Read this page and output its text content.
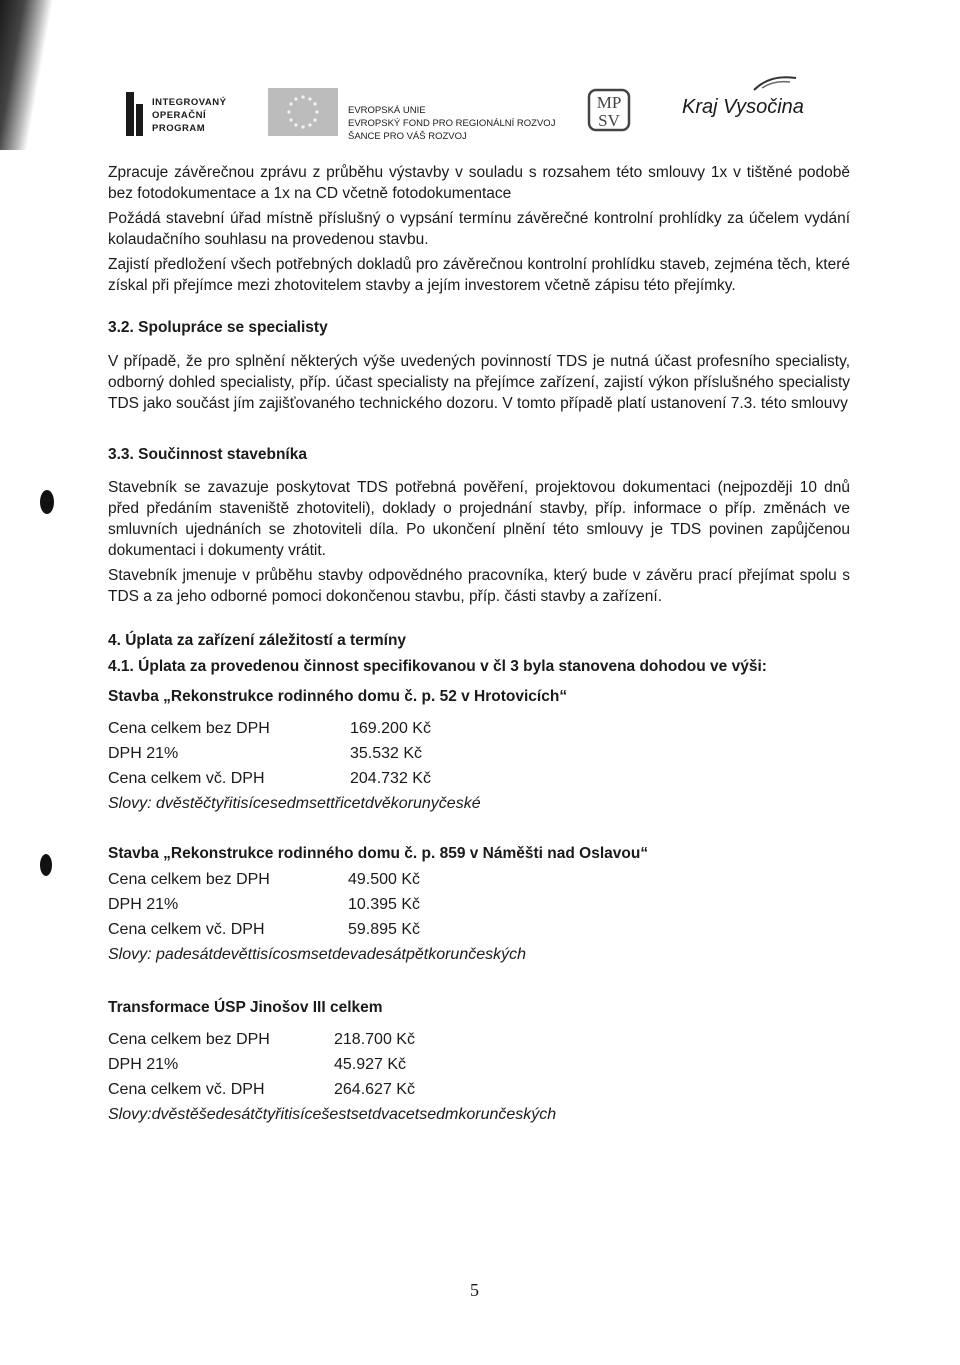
INTEGROVANÝ
OPERAČNÍ
PROGRAM
EVROPSKÁ UNIE
EVROPSKÝ FOND PRO REGIONÁLNÍ ROZVOJ
ŠANCE PRO VÁŠ ROZVOJ
MP
SV
Kraj Vysočina

Zpracuje závěrečnou zprávu z průběhu výstavby v souladu s rozsahem této smlouvy 1x v tištěné podobě bez fotodokumentace a 1x na CD včetně fotodokumentace

Požádá stavební úřad místně příslušný o vypsání termínu závěrečné kontrolní prohlídky za účelem vydání kolaudačního souhlasu na provedenou stavbu.

Zajistí předložení všech potřebných dokladů pro závěrečnou kontrolní prohlídku staveb, zejména těch, které získal při přejímce mezi zhotovitelem stavby a jejím investorem včetně zápisu této přejímky.

3.2. Spolupráce se specialisty

V případě, že pro splnění některých výše uvedených povinností TDS je nutná účast profesního specialisty, odborný dohled specialisty, příp. účast specialisty na přejímce zařízení, zajistí výkon příslušného specialisty TDS jako součást jím zajišťovaného technického dozoru. V tomto případě platí ustanovení 7.3. této smlouvy

3.3. Součinnost stavebníka

Stavebník se zavazuje poskytovat TDS potřebná pověření, projektovou dokumentaci (nejpozději 10 dnů před předáním staveniště zhotoviteli), doklady o projednání stavby, příp. informace o příp. změnách ve smluvních ujednáních se zhotoviteli díla. Po ukončení plnění této smlouvy je TDS povinen zapůjčenou dokumentaci i dokumenty vrátit.

Stavebník jmenuje v průběhu stavby odpovědného pracovníka, který bude v závěru prací přejímat spolu s TDS a za jeho odborné pomoci dokončenou stavbu, příp. části stavby a zařízení.

4. Úplata za zařízení záležitostí a termíny

4.1. Úplata za provedenou činnost specifikovanou v čl 3 byla stanovena dohodou ve výši:

Stavba „Rekonstrukce rodinného domu č. p. 52 v Hrotovicích“

Cena celkem bez DPH	169.200 Kč
DPH 21%	35.532 Kč
Cena celkem vč. DPH	204.732 Kč

Slovy: dvěstěčtyřitisícesedmsettřicetdvěkorunyčeské

Stavba „Rekonstrukce rodinného domu č. p. 859 v Náměšti nad Oslavou“

Cena celkem bez DPH	49.500 Kč
DPH 21%	10.395 Kč
Cena celkem vč. DPH	59.895 Kč

Slovy: padesátdevěttisícosmsetdevadesátpětkorunčeských

Transformace ÚSP Jinošov III celkem

Cena celkem bez DPH	218.700 Kč
DPH 21%	45.927 Kč
Cena celkem vč. DPH	264.627 Kč

Slovy:dvěstěšedesátčtyřitisícešestsetdvacetsedmkorunčeských

5
